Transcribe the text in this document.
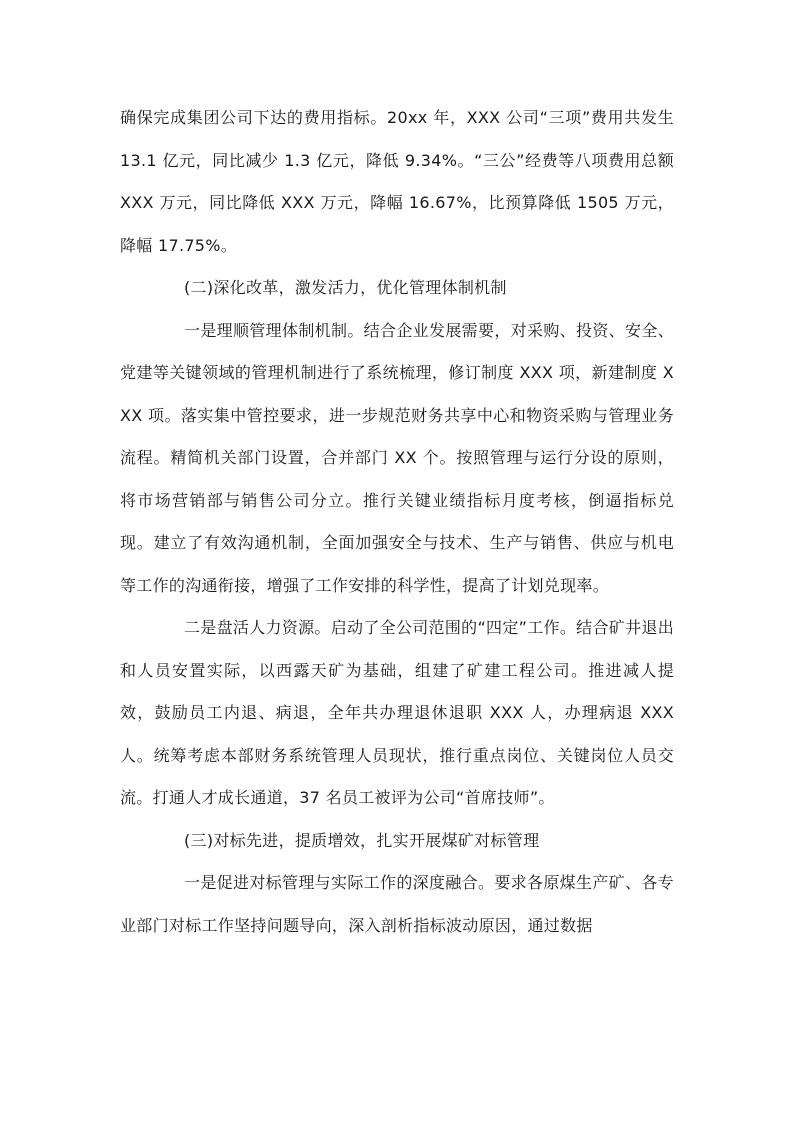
确保完成集团公司下达的费用指标。20xx 年，XXX 公司“三项”费用共发生 13.1 亿元，同比减少 1.3 亿元，降低 9.34%。“三公”经费等八项费用总额 XXX 万元，同比降低 XXX 万元，降幅 16.67%，比预算降低 1505 万元，降幅 17.75%。

(二)深化改革，激发活力，优化管理体制机制

一是理顺管理体制机制。结合企业发展需要，对采购、投资、安全、党建等关键领域的管理机制进行了系统梳理，修订制度 XXX 项，新建制度 XXX 项。落实集中管控要求，进一步规范财务共享中心和物资采购与管理业务流程。精简机关部门设置，合并部门 XX 个。按照管理与运行分设的原则，将市场营销部与销售公司分立。推行关键业绩指标月度考核，倒逼指标兑现。建立了有效沟通机制，全面加强安全与技术、生产与销售、供应与机电等工作的沟通衔接，增强了工作安排的科学性，提高了计划兑现率。

二是盘活人力资源。启动了全公司范围的“四定”工作。结合矿井退出和人员安置实际，以西露天矿为基础，组建了矿建工程公司。推进减人提效，鼓励员工内退、病退，全年共办理退休退职 XXX 人，办理病退 XXX 人。统筹考虑本部财务系统管理人员现状，推行重点岗位、关键岗位人员交流。打通人才成长通道，37 名员工被评为公司“首席技师”。

(三)对标先进，提质增效，扎实开展煤矿对标管理

一是促进对标管理与实际工作的深度融合。要求各原煤生产矿、各专业部门对标工作坚持问题导向，深入剖析指标波动原因，通过数据
